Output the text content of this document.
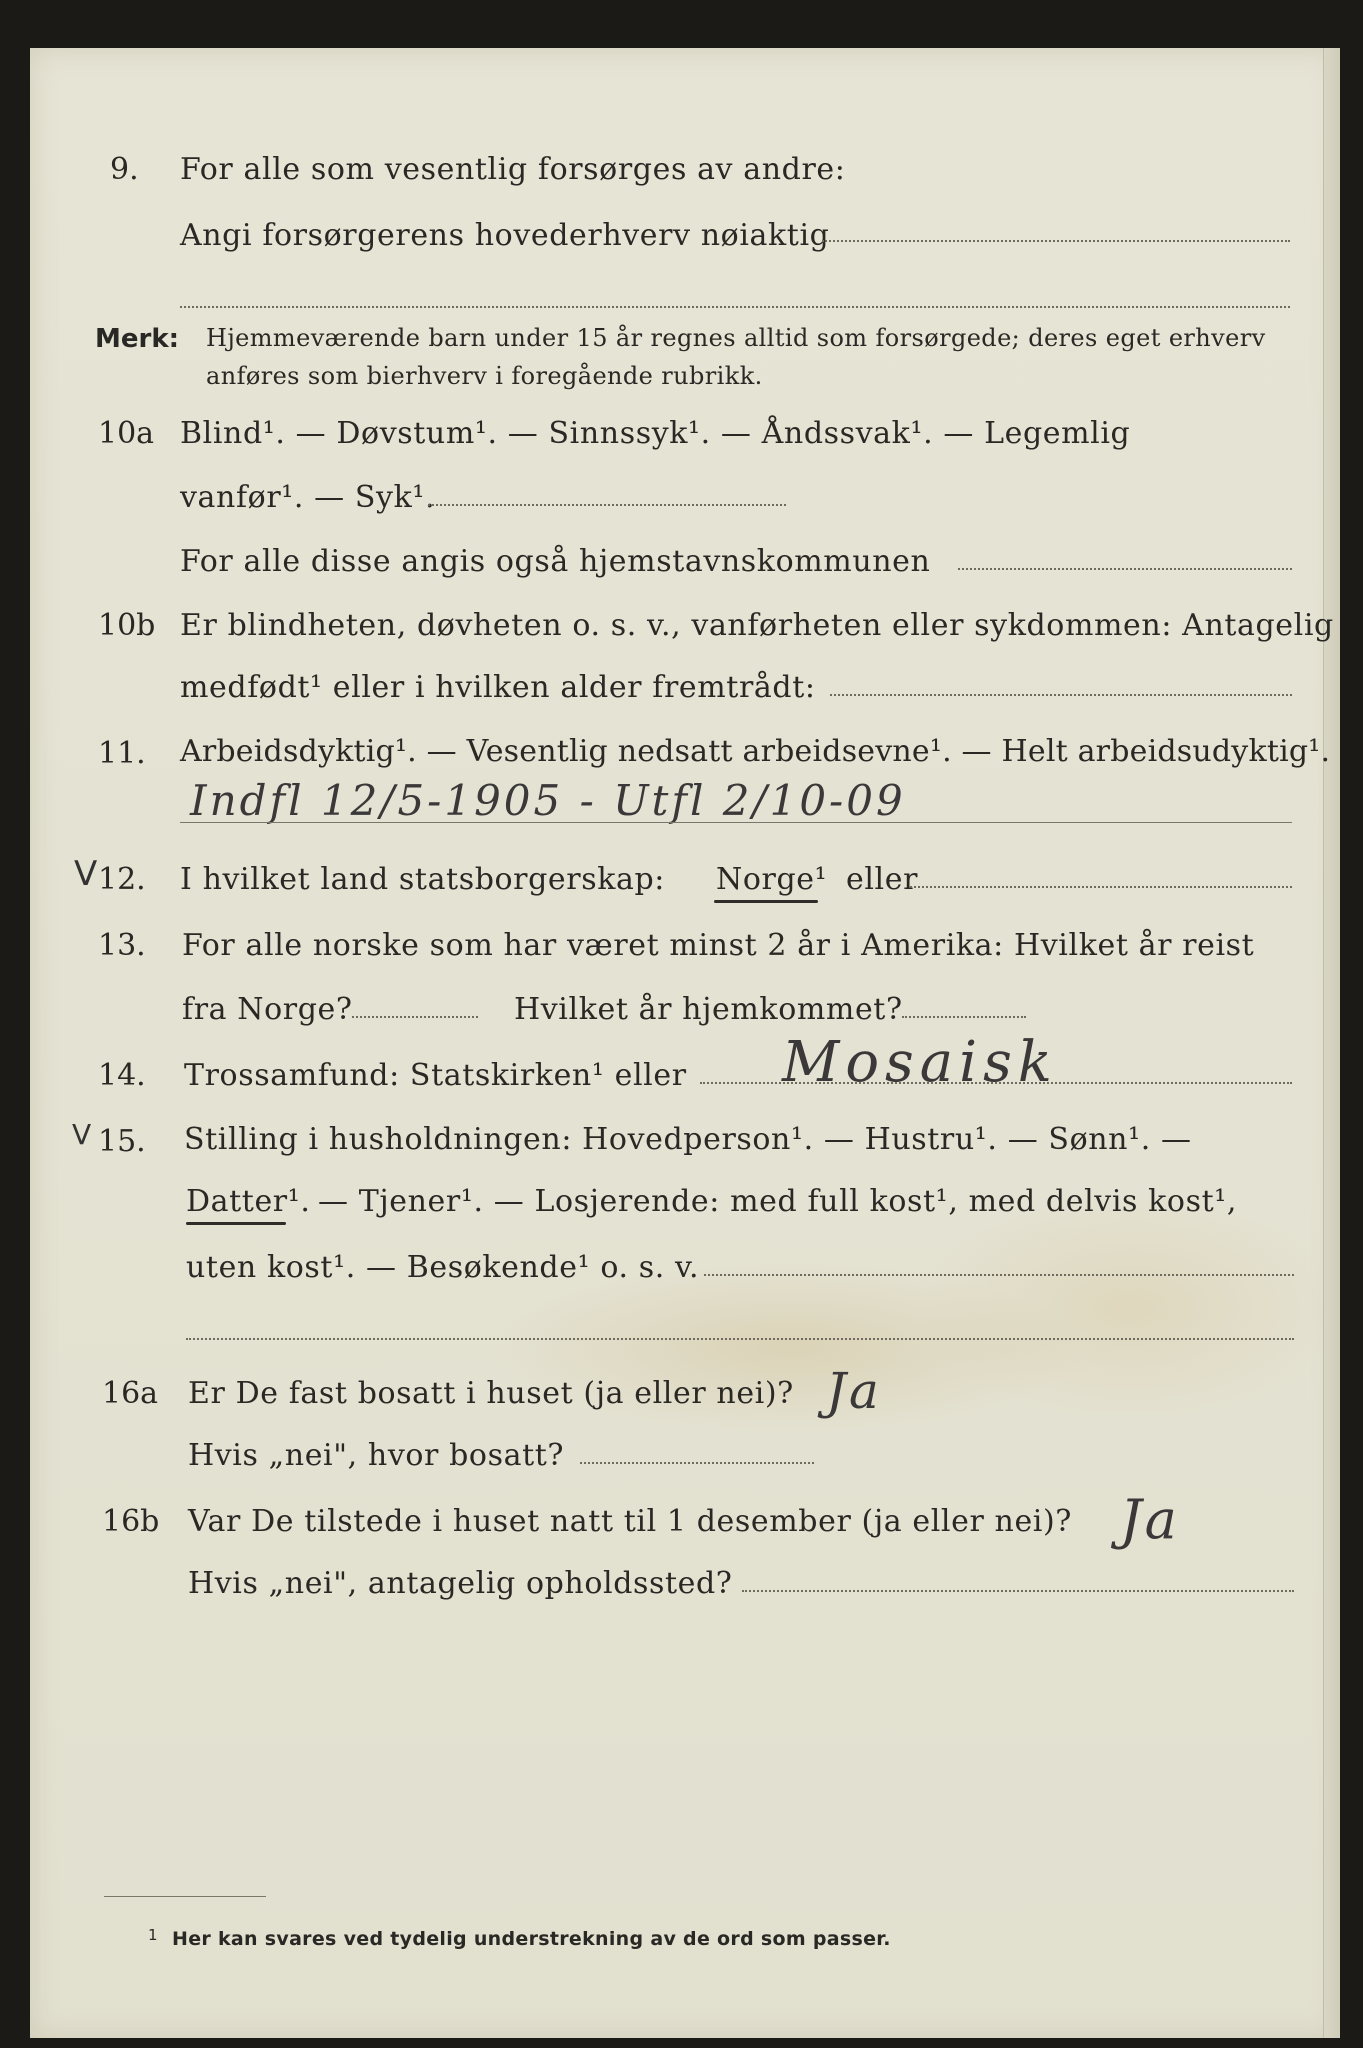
9. For alle som vesentlig forsørges av andre:
Angi forsørgerens hovederhverv nøiaktig
Merk: Hjemmeværende barn under 15 år regnes alltid som forsørgede; deres eget erhverv
anføres som bierhverv i foregående rubrikk.
10a Blind¹. — Døvstum¹. — Sinnssyk¹. — Åndssvak¹. — Legemlig
vanfør¹. — Syk¹.
For alle disse angis også hjemstavnskommunen
10b Er blindheten, døvheten o. s. v., vanførheten eller sykdommen: Antagelig
medfødt¹ eller i hvilken alder fremtrådt:
11. Arbeidsdyktig¹. — Vesentlig nedsatt arbeidsevne¹. — Helt arbeidsudyktig¹.
Indfl 12/5-1905 - Utfl 2/10-09
V 12. I hvilket land statsborgerskap: Norge¹ eller
13. For alle norske som har været minst 2 år i Amerika: Hvilket år reist
fra Norge?	Hvilket år hjemkommet?
14. Trossamfund: Statskirken¹ eller Mosaisk
V 15. Stilling i husholdningen: Hovedperson¹. — Hustru¹. — Sønn¹. —
Datter¹. — Tjener¹. — Losjerende: med full kost¹, med delvis kost¹,
uten kost¹. — Besøkende¹ o. s. v.
16a Er De fast bosatt i huset (ja eller nei)? Ja
Hvis „nei", hvor bosatt?
16b Var De tilstede i huset natt til 1 desember (ja eller nei)? Ja
Hvis „nei", antagelig opholdssted?
1 Her kan svares ved tydelig understrekning av de ord som passer.
